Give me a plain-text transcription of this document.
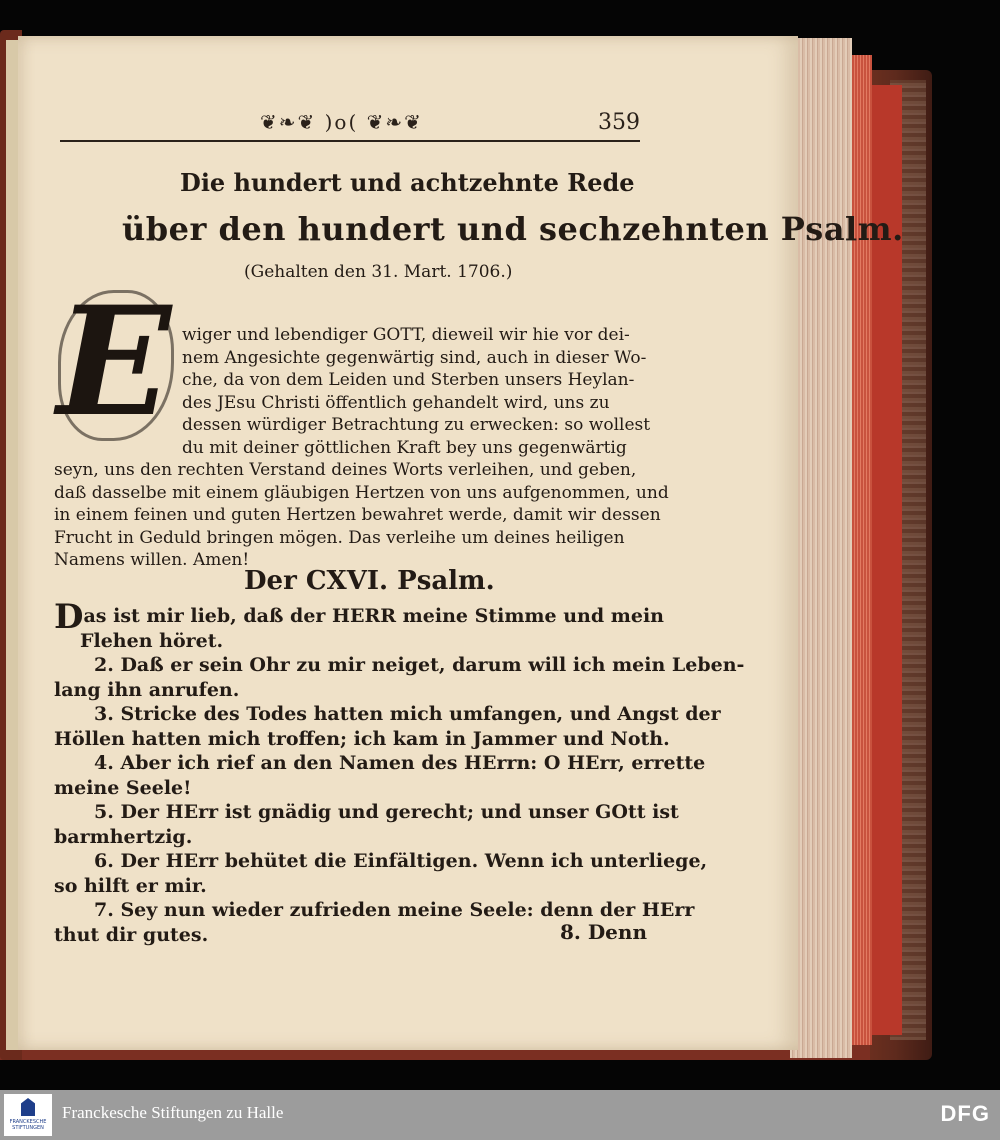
❦❧❦ )o( ❦❧❦	359
Die hundert und achtzehnte Rede
über den hundert und sechzehnten Psalm.
(Gehalten den 31. Mart. 1706.)
E wiger und lebendiger GOTT, dieweil wir hie vor dei-
nem Angesichte gegenwärtig sind, auch in dieser Wo-
che, da von dem Leiden und Sterben unsers Heylan-
des JEsu Christi öffentlich gehandelt wird, uns zu
dessen würdiger Betrachtung zu erwecken: so wollest
du mit deiner göttlichen Kraft bey uns gegenwärtig
seyn, uns den rechten Verstand deines Worts verleihen, und geben,
daß dasselbe mit einem gläubigen Hertzen von uns aufgenommen, und
in einem feinen und guten Hertzen bewahret werde, damit wir dessen
Frucht in Geduld bringen mögen. Das verleihe um deines heiligen
Namens willen. Amen!
Der CXVI. Psalm.
Das ist mir lieb, daß der HERR meine Stimme und mein
Flehen höret.
2. Daß er sein Ohr zu mir neiget, darum will ich mein Leben-
lang ihn anrufen.
3. Stricke des Todes hatten mich umfangen, und Angst der
Höllen hatten mich troffen; ich kam in Jammer und Noth.
4. Aber ich rief an den Namen des HErrn: O HErr, errette
meine Seele!
5. Der HErr ist gnädig und gerecht; und unser GOtt ist
barmhertzig.
6. Der HErr behütet die Einfältigen. Wenn ich unterliege,
so hilft er mir.
7. Sey nun wieder zufrieden meine Seele: denn der HErr
thut dir gutes.	8. Denn
FRANCKESCHE STIFTUNGEN
Franckesche Stiftungen zu Halle	DFG
